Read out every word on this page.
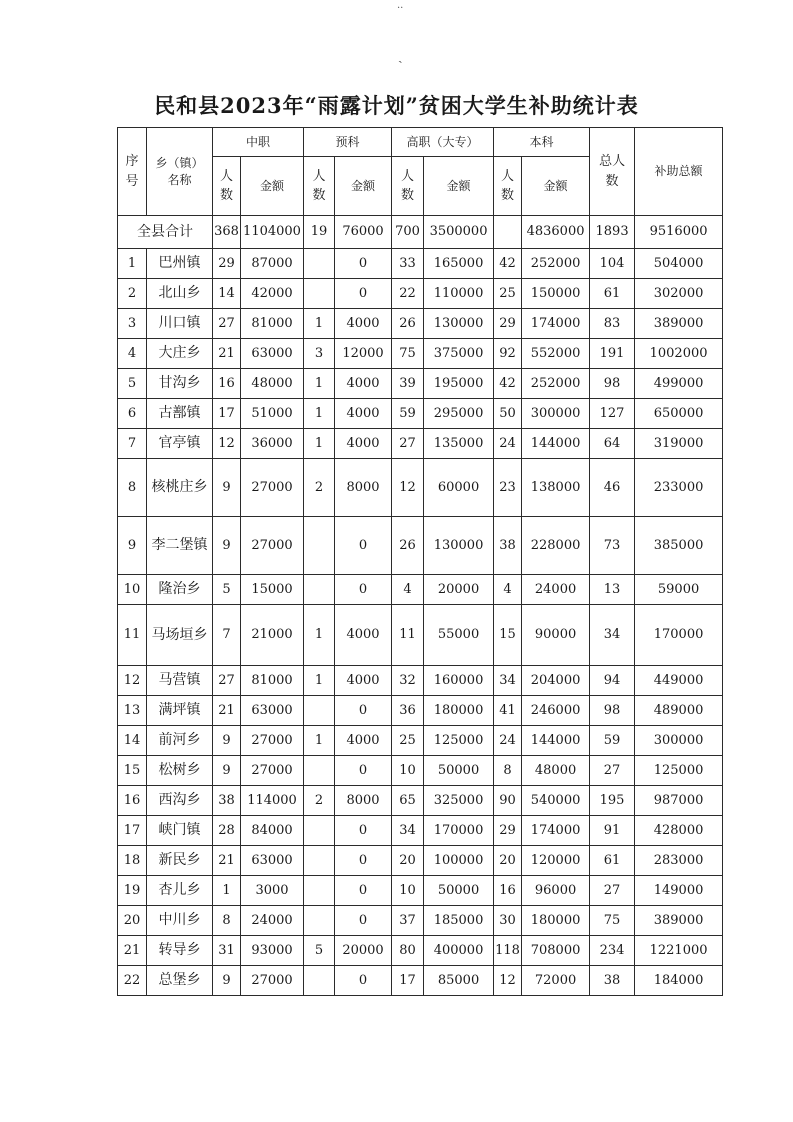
..
ˏ
民和县2023年“雨露计划”贫困大学生补助统计表
序号	乡（镇）名称	中职		预科		高职（大专）		本科		总人数	补助总额
		人数	金额	人数	金额	人数	金额	人数	金额		
全县合计		368	1104000	19	76000	700	3500000		4836000	1893	9516000
1	巴州镇	29	87000		0	33	165000	42	252000	104	504000
2	北山乡	14	42000		0	22	110000	25	150000	61	302000
3	川口镇	27	81000	1	4000	26	130000	29	174000	83	389000
4	大庄乡	21	63000	3	12000	75	375000	92	552000	191	1002000
5	甘沟乡	16	48000	1	4000	39	195000	42	252000	98	499000
6	古鄯镇	17	51000	1	4000	59	295000	50	300000	127	650000
7	官亭镇	12	36000	1	4000	27	135000	24	144000	64	319000
8	核桃庄乡	9	27000	2	8000	12	60000	23	138000	46	233000
9	李二堡镇	9	27000		0	26	130000	38	228000	73	385000
10	隆治乡	5	15000		0	4	20000	4	24000	13	59000
11	马场垣乡	7	21000	1	4000	11	55000	15	90000	34	170000
12	马营镇	27	81000	1	4000	32	160000	34	204000	94	449000
13	满坪镇	21	63000		0	36	180000	41	246000	98	489000
14	前河乡	9	27000	1	4000	25	125000	24	144000	59	300000
15	松树乡	9	27000		0	10	50000	8	48000	27	125000
16	西沟乡	38	114000	2	8000	65	325000	90	540000	195	987000
17	峡门镇	28	84000		0	34	170000	29	174000	91	428000
18	新民乡	21	63000		0	20	100000	20	120000	61	283000
19	杏儿乡	1	3000		0	10	50000	16	96000	27	149000
20	中川乡	8	24000		0	37	185000	30	180000	75	389000
21	转导乡	31	93000	5	20000	80	400000	118	708000	234	1221000
22	总堡乡	9	27000		0	17	85000	12	72000	38	184000
